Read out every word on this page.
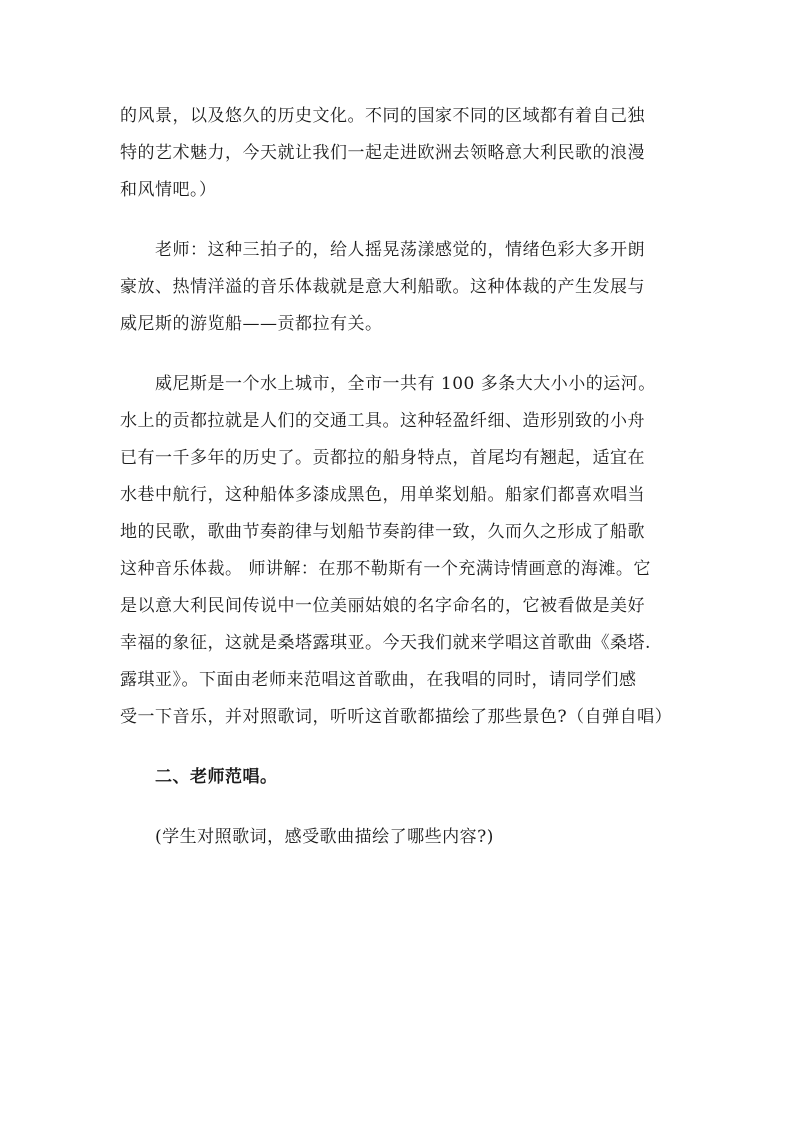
的风景，以及悠久的历史文化。不同的国家不同的区域都有着自己独
特的艺术魅力，今天就让我们一起走进欧洲去领略意大利民歌的浪漫
和风情吧。）
老师：这种三拍子的，给人摇晃荡漾感觉的，情绪色彩大多开朗
豪放、热情洋溢的音乐体裁就是意大利船歌。这种体裁的产生发展与
威尼斯的游览船——贡都拉有关。
威尼斯是一个水上城市，全市一共有 100 多条大大小小的运河。
水上的贡都拉就是人们的交通工具。这种轻盈纤细、造形别致的小舟
已有一千多年的历史了。贡都拉的船身特点，首尾均有翘起，适宜在
水巷中航行，这种船体多漆成黑色，用单桨划船。船家们都喜欢唱当
地的民歌，歌曲节奏韵律与划船节奏韵律一致，久而久之形成了船歌
这种音乐体裁。 师讲解：在那不勒斯有一个充满诗情画意的海滩。它
是以意大利民间传说中一位美丽姑娘的名字命名的，它被看做是美好
幸福的象征，这就是桑塔露琪亚。今天我们就来学唱这首歌曲《桑塔.
露琪亚》。下面由老师来范唱这首歌曲，在我唱的同时，请同学们感
受一下音乐，并对照歌词，听听这首歌都描绘了那些景色?（自弹自唱）
二、老师范唱。
(学生对照歌词，感受歌曲描绘了哪些内容?)
